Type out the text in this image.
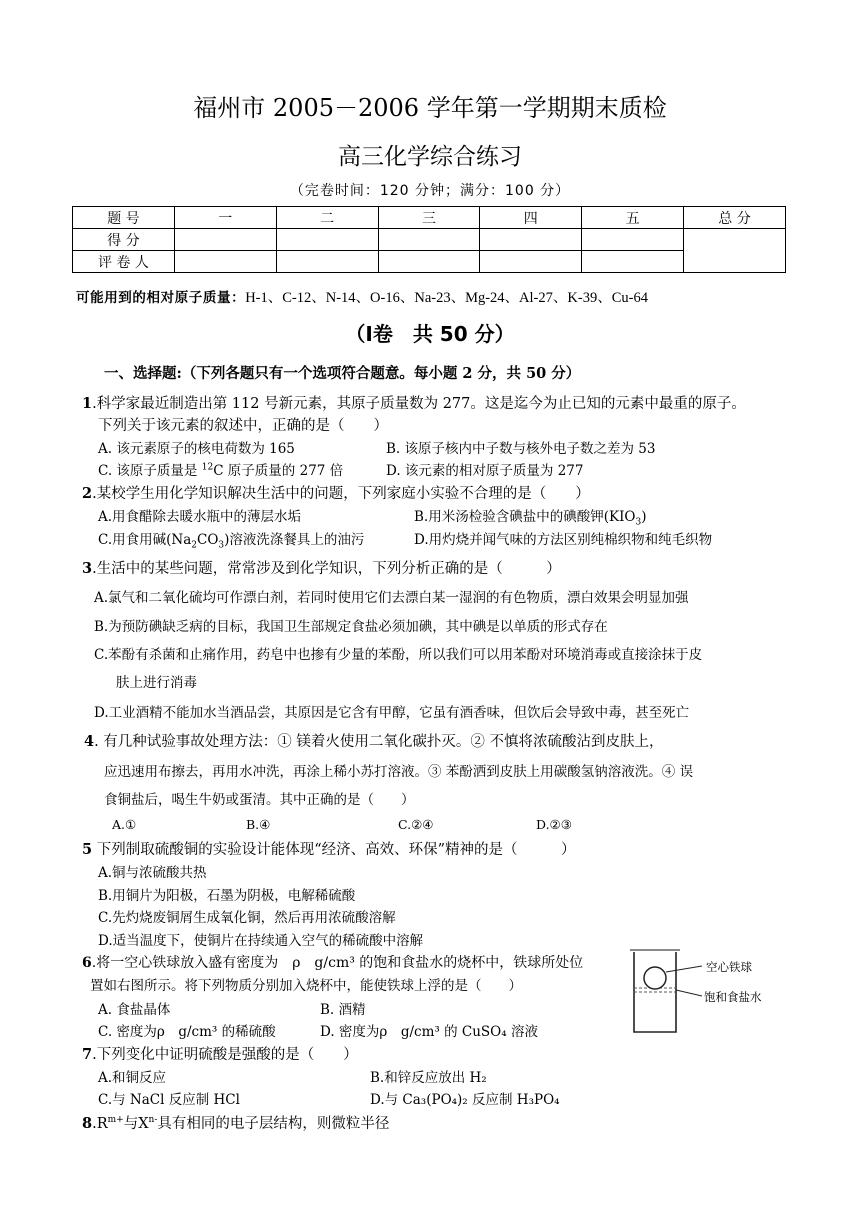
福州市 2005－2006 学年第一学期期末质检
高三化学综合练习
（完卷时间：120 分钟；满分：100 分）
题 号	一	二	三	四	五	总 分
得 分						
评 卷 人						
可能用到的相对原子质量：H-1、C-12、N-14、O-16、Na-23、Mg-24、Al-27、K-39、Cu-64
（Ⅰ卷　共 50 分）
一、选择题:（下列各题只有一个选项符合题意。每小题 2 分，共 50 分）
1.科学家最近制造出第 112 号新元素，其原子质量数为 277。这是迄今为止已知的元素中最重的原子。
下列关于该元素的叙述中，正确的是（　　）
A. 该元素原子的核电荷数为 165	B. 该原子核内中子数与核外电子数之差为 53
C. 该原子质量是 $^{12}$C 原子质量的 277 倍	D. 该元素的相对原子质量为 277
2.某校学生用化学知识解决生活中的问题，下列家庭小实验不合理的是（　　）
A.用食醋除去暖水瓶中的薄层水垢	B.用米汤检验含碘盐中的碘酸钾$(KIO_3)$
C.用食用碱$(Na_2CO_3)$溶液洗涤餐具上的油污	D.用灼烧并闻气味的方法区别纯棉织物和纯毛织物
3.生活中的某些问题，常常涉及到化学知识，下列分析正确的是（　　　）
A.氯气和二氧化硫均可作漂白剂，若同时使用它们去漂白某一湿润的有色物质，漂白效果会明显加强
B.为预防碘缺乏病的目标，我国卫生部规定食盐必须加碘，其中碘是以单质的形式存在
C.苯酚有杀菌和止痛作用，药皂中也掺有少量的苯酚，所以我们可以用苯酚对环境消毒或直接涂抹于皮
肤上进行消毒
D.工业酒精不能加水当酒品尝，其原因是它含有甲醇，它虽有酒香味，但饮后会导致中毒，甚至死亡
4. 有几种试验事故处理方法：① 镁着火使用二氧化碳扑灭。② 不慎将浓硫酸沾到皮肤上，
应迅速用布擦去，再用水冲洗，再涂上稀小苏打溶液。③ 苯酚洒到皮肤上用碳酸氢钠溶液洗。④ 误
食铜盐后，喝生牛奶或蛋清。其中正确的是（　　）
A.①	B.④	C.②④	D.②③
5 下列制取硫酸铜的实验设计能体现“经济、高效、环保”精神的是（　　　）
A.铜与浓硫酸共热
B.用铜片为阳极，石墨为阴极，电解稀硫酸
C.先灼烧废铜屑生成氧化铜，然后再用浓硫酸溶解
D.适当温度下，使铜片在持续通入空气的稀硫酸中溶解
6.将一空心铁球放入盛有密度为　ρ　g/cm³ 的饱和食盐水的烧杯中，铁球所处位
置如右图所示。将下列物质分别加入烧杯中，能使铁球上浮的是（　　）
A. 食盐晶体	B. 酒精
C. 密度为ρ　g/cm³ 的稀硫酸	D. 密度为ρ　g/cm³ 的 CuSO₄ 溶液
空心铁球
饱和食盐水
7.下列变化中证明硫酸是强酸的是（　　）
A.和铜反应	B.和锌反应放出 H₂
C.与 NaCl 反应制 HCl	D.与 Ca₃(PO₄)₂ 反应制 H₃PO₄
$8.R^{m+}$与$X^{n-}$具有相同的电子层结构，则微粒半径
